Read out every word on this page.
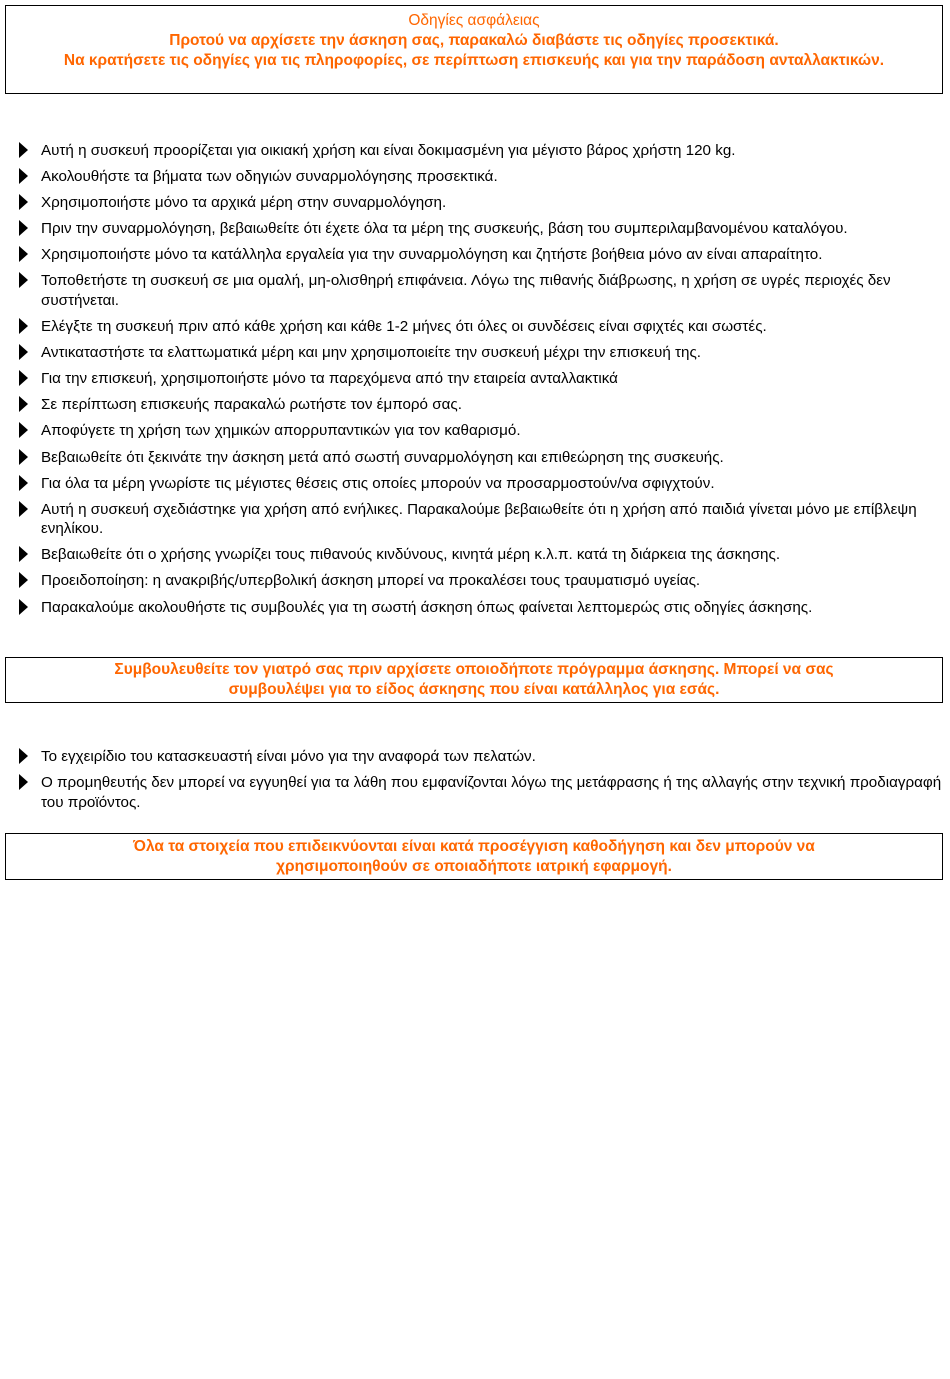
Οδηγίες ασφάλειας

Προτού να αρχίσετε την άσκηση σας, παρακαλώ διαβάστε τις οδηγίες προσεκτικά.

Να κρατήσετε τις οδηγίες για τις πληροφορίες, σε περίπτωση επισκευής και για την παράδοση ανταλλακτικών.

Αυτή η συσκευή προορίζεται για οικιακή χρήση και είναι δοκιμασμένη για μέγιστο βάρος χρήστη 120 kg.
Ακολουθήστε τα βήματα των οδηγιών συναρμολόγησης προσεκτικά.
Χρησιμοποιήστε μόνο τα αρχικά μέρη στην συναρμολόγηση.
Πριν την συναρμολόγηση, βεβαιωθείτε ότι έχετε όλα τα μέρη της συσκευής, βάση του συμπεριλαμβανομένου καταλόγου.
Χρησιμοποιήστε μόνο τα κατάλληλα εργαλεία για την συναρμολόγηση και ζητήστε βοήθεια μόνο αν είναι απαραίτητο.
Τοποθετήστε τη συσκευή σε μια ομαλή, μη-ολισθηρή επιφάνεια. Λόγω της πιθανής διάβρωσης, η χρήση σε υγρές περιοχές δεν συστήνεται.
Ελέγξτε τη συσκευή πριν από κάθε χρήση και κάθε 1-2 μήνες ότι όλες οι συνδέσεις είναι σφιχτές και σωστές.
Αντικαταστήστε τα ελαττωματικά μέρη και μην χρησιμοποιείτε την συσκευή μέχρι την επισκευή της.
Για την επισκευή, χρησιμοποιήστε μόνο τα παρεχόμενα από την εταιρεία ανταλλακτικά
Σε περίπτωση επισκευής παρακαλώ ρωτήστε τον έμπορό σας.
Αποφύγετε τη χρήση των χημικών απορρυπαντικών για τον καθαρισμό.
Βεβαιωθείτε ότι ξεκινάτε την άσκηση μετά από σωστή συναρμολόγηση και επιθεώρηση της συσκευής.
Για όλα τα μέρη γνωρίστε τις μέγιστες θέσεις στις οποίες μπορούν να προσαρμοστούν/να σφιγχτούν.
Αυτή η συσκευή σχεδιάστηκε για χρήση από ενήλικες. Παρακαλούμε βεβαιωθείτε ότι η χρήση από παιδιά γίνεται μόνο με επίβλεψη ενηλίκου.
Βεβαιωθείτε ότι ο χρήσης γνωρίζει τους πιθανούς κινδύνους, κινητά μέρη κ.λ.π. κατά τη διάρκεια της άσκησης.
Προειδοποίηση: η ανακριβής/υπερβολική άσκηση μπορεί να προκαλέσει τους τραυματισμό υγείας.
Παρακαλούμε ακολουθήστε τις συμβουλές για τη σωστή άσκηση όπως φαίνεται λεπτομερώς στις οδηγίες άσκησης.

Συμβουλευθείτε τον γιατρό σας πριν αρχίσετε οποιοδήποτε πρόγραμμα άσκησης. Μπορεί να σας

συμβουλέψει για το είδος άσκησης που είναι κατάλληλος για εσάς.

Το εγχειρίδιο του κατασκευαστή είναι μόνο για την αναφορά των πελατών.
Ο προμηθευτής δεν μπορεί να εγγυηθεί για τα λάθη που εμφανίζονται λόγω της μετάφρασης ή της αλλαγής στην τεχνική προδιαγραφή του προϊόντος.

Όλα τα στοιχεία που επιδεικνύονται είναι κατά προσέγγιση καθοδήγηση και δεν μπορούν να

χρησιμοποιηθούν σε οποιαδήποτε ιατρική εφαρμογή.
